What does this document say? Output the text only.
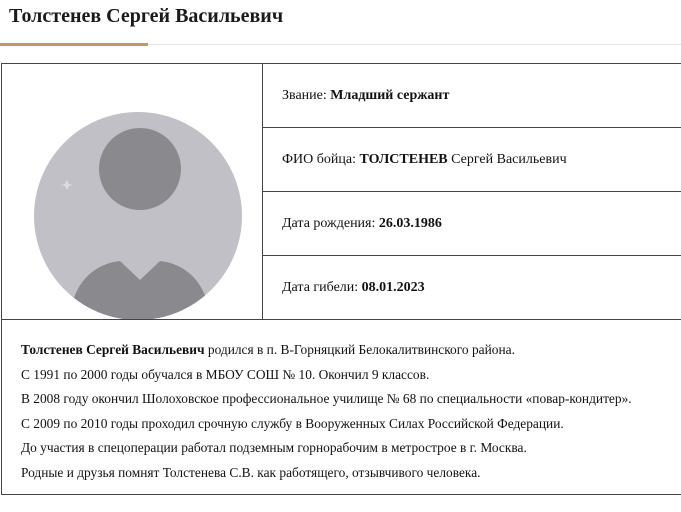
Толстенев Сергей Васильевич
Звание:
Младший сержант
ФИО бойца:
ТОЛСТЕНЕВ
Сергей Васильевич
Дата рождения:
26.03.1986
Дата гибели:
08.01.2023

Толстенев Сергей Васильевич родился в п. В-Горняцкий Белокалитвинского района.

С 1991 по 2000 годы обучался в МБОУ СОШ № 10. Окончил 9 классов.

В 2008 году окончил Шолоховское профессиональное училище № 68 по специальности «повар-кондитер».

С 2009 по 2010 годы проходил срочную службу в Вооруженных Силах Российской Федерации.

До участия в спецоперации работал подземным горнорабочим в метрострое в г. Москва.

Родные и друзья помнят Толстенева С.В. как работящего, отзывчивого человека.
